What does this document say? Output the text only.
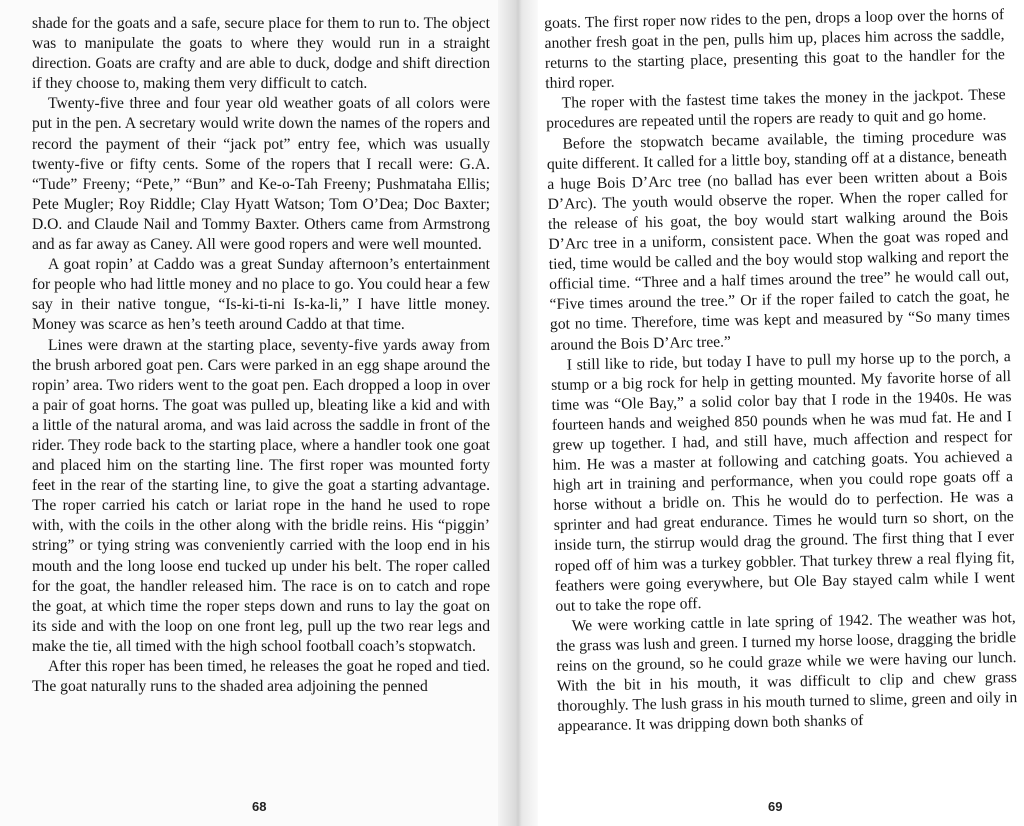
shade for the goats and a safe, secure place for them to run to. The object was to manipulate the goats to where they would run in a straight direction. Goats are crafty and are able to duck, dodge and shift direction if they choose to, making them very difficult to catch.

Twenty-five three and four year old weather goats of all colors were put in the pen. A secretary would write down the names of the ropers and record the payment of their “jack pot” entry fee, which was usually twenty-five or fifty cents. Some of the ropers that I recall were: G.A. “Tude” Freeny; “Pete,” “Bun” and Ke-o-Tah Freeny; Pushmataha Ellis; Pete Mugler; Roy Riddle; Clay Hyatt Watson; Tom O’Dea; Doc Baxter; D.O. and Claude Nail and Tommy Baxter. Others came from Armstrong and as far away as Caney. All were good ropers and were well mounted.

A goat ropin’ at Caddo was a great Sunday afternoon’s entertainment for people who had little money and no place to go. You could hear a few say in their native tongue, “Is-ki-ti-ni Is-ka-li,” I have little money. Money was scarce as hen’s teeth around Caddo at that time.

Lines were drawn at the starting place, seventy-five yards away from the brush arbored goat pen. Cars were parked in an egg shape around the ropin’ area. Two riders went to the goat pen. Each dropped a loop in over a pair of goat horns. The goat was pulled up, bleating like a kid and with a little of the natural aroma, and was laid across the saddle in front of the rider. They rode back to the starting place, where a handler took one goat and placed him on the starting line. The first roper was mounted forty feet in the rear of the starting line, to give the goat a starting advantage. The roper carried his catch or lariat rope in the hand he used to rope with, with the coils in the other along with the bridle reins. His “piggin’ string” or tying string was conveniently carried with the loop end in his mouth and the long loose end tucked up under his belt. The roper called for the goat, the handler released him. The race is on to catch and rope the goat, at which time the roper steps down and runs to lay the goat on its side and with the loop on one front leg, pull up the two rear legs and make the tie, all timed with the high school football coach’s stopwatch.

After this roper has been timed, he releases the goat he roped and tied. The goat naturally runs to the shaded area adjoining the penned

68

goats. The first roper now rides to the pen, drops a loop over the horns of another fresh goat in the pen, pulls him up, places him across the saddle, returns to the starting place, presenting this goat to the handler for the third roper.

The roper with the fastest time takes the money in the jackpot. These procedures are repeated until the ropers are ready to quit and go home.

Before the stopwatch became available, the timing procedure was quite different. It called for a little boy, standing off at a distance, beneath a huge Bois D’Arc tree (no ballad has ever been written about a Bois D’Arc). The youth would observe the roper. When the roper called for the release of his goat, the boy would start walking around the Bois D’Arc tree in a uniform, consistent pace. When the goat was roped and tied, time would be called and the boy would stop walking and report the official time. “Three and a half times around the tree” he would call out, “Five times around the tree.” Or if the roper failed to catch the goat, he got no time. Therefore, time was kept and measured by “So many times around the Bois D’Arc tree.”

I still like to ride, but today I have to pull my horse up to the porch, a stump or a big rock for help in getting mounted. My favorite horse of all time was “Ole Bay,” a solid color bay that I rode in the 1940s. He was fourteen hands and weighed 850 pounds when he was mud fat. He and I grew up together. I had, and still have, much affection and respect for him. He was a master at following and catching goats. You achieved a high art in training and performance, when you could rope goats off a horse without a bridle on. This he would do to perfection. He was a sprinter and had great endurance. Times he would turn so short, on the inside turn, the stirrup would drag the ground. The first thing that I ever roped off of him was a turkey gobbler. That turkey threw a real flying fit, feathers were going everywhere, but Ole Bay stayed calm while I went out to take the rope off.

We were working cattle in late spring of 1942. The weather was hot, the grass was lush and green. I turned my horse loose, dragging the bridle reins on the ground, so he could graze while we were having our lunch. With the bit in his mouth, it was difficult to clip and chew grass thoroughly. The lush grass in his mouth turned to slime, green and oily in appearance. It was dripping down both shanks of

69
